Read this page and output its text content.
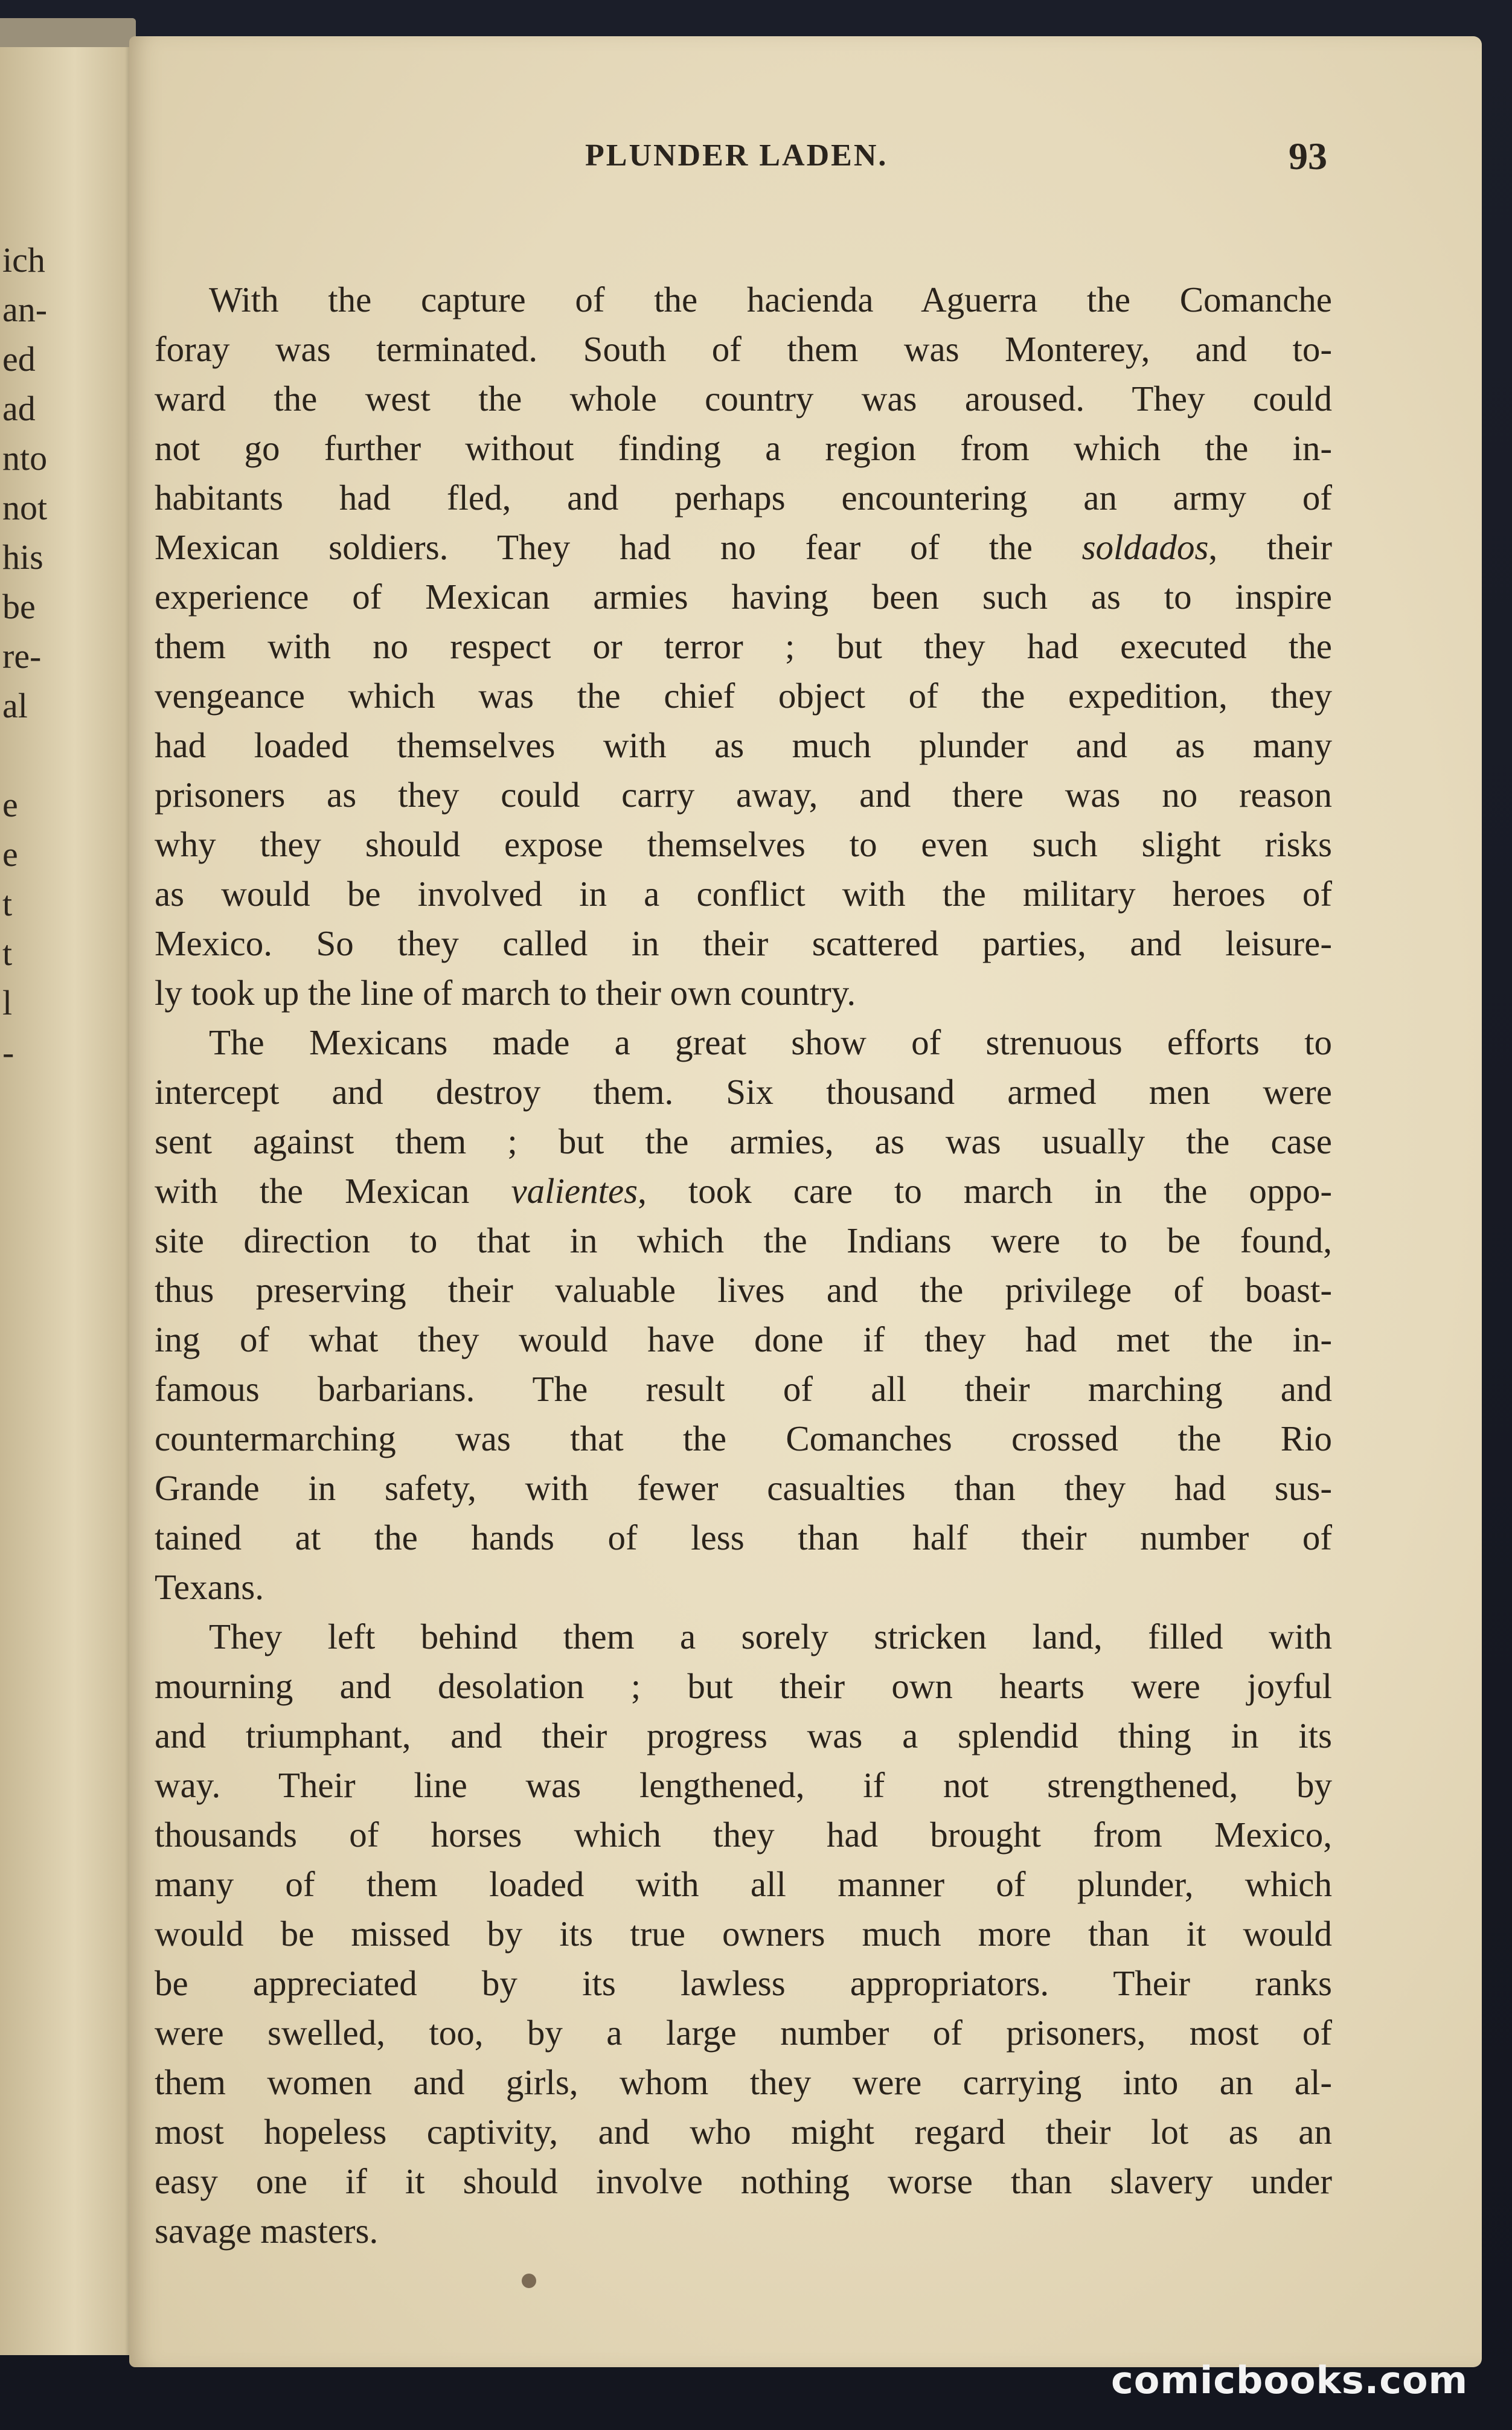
ich

an-

ed

ad

nto

not

his

be

re-

al

e

e

t

t

l

-

PLUNDER LADEN.	93

With the capture of the hacienda Aguerra the Comanche

foray was terminated. South of them was Monterey, and to-

ward the west the whole country was aroused. They could

not go further without finding a region from which the in-

habitants had fled, and perhaps encountering an army of

Mexican soldiers. They had no fear of the soldados, their

experience of Mexican armies having been such as to inspire

them with no respect or terror ; but they had executed the

vengeance which was the chief object of the expedition, they

had loaded themselves with as much plunder and as many

prisoners as they could carry away, and there was no reason

why they should expose themselves to even such slight risks

as would be involved in a conflict with the military heroes of

Mexico. So they called in their scattered parties, and leisure-

ly took up the line of march to their own country.

The Mexicans made a great show of strenuous efforts to

intercept and destroy them. Six thousand armed men were

sent against them ; but the armies, as was usually the case

with the Mexican valientes, took care to march in the oppo-

site direction to that in which the Indians were to be found,

thus preserving their valuable lives and the privilege of boast-

ing of what they would have done if they had met the in-

famous barbarians. The result of all their marching and

countermarching was that the Comanches crossed the Rio

Grande in safety, with fewer casualties than they had sus-

tained at the hands of less than half their number of

Texans.

They left behind them a sorely stricken land, filled with

mourning and desolation ; but their own hearts were joyful

and triumphant, and their progress was a splendid thing in its

way. Their line was lengthened, if not strengthened, by

thousands of horses which they had brought from Mexico,

many of them loaded with all manner of plunder, which

would be missed by its true owners much more than it would

be appreciated by its lawless appropriators. Their ranks

were swelled, too, by a large number of prisoners, most of

them women and girls, whom they were carrying into an al-

most hopeless captivity, and who might regard their lot as an

easy one if it should involve nothing worse than slavery under

savage masters.

comicbooks.com
